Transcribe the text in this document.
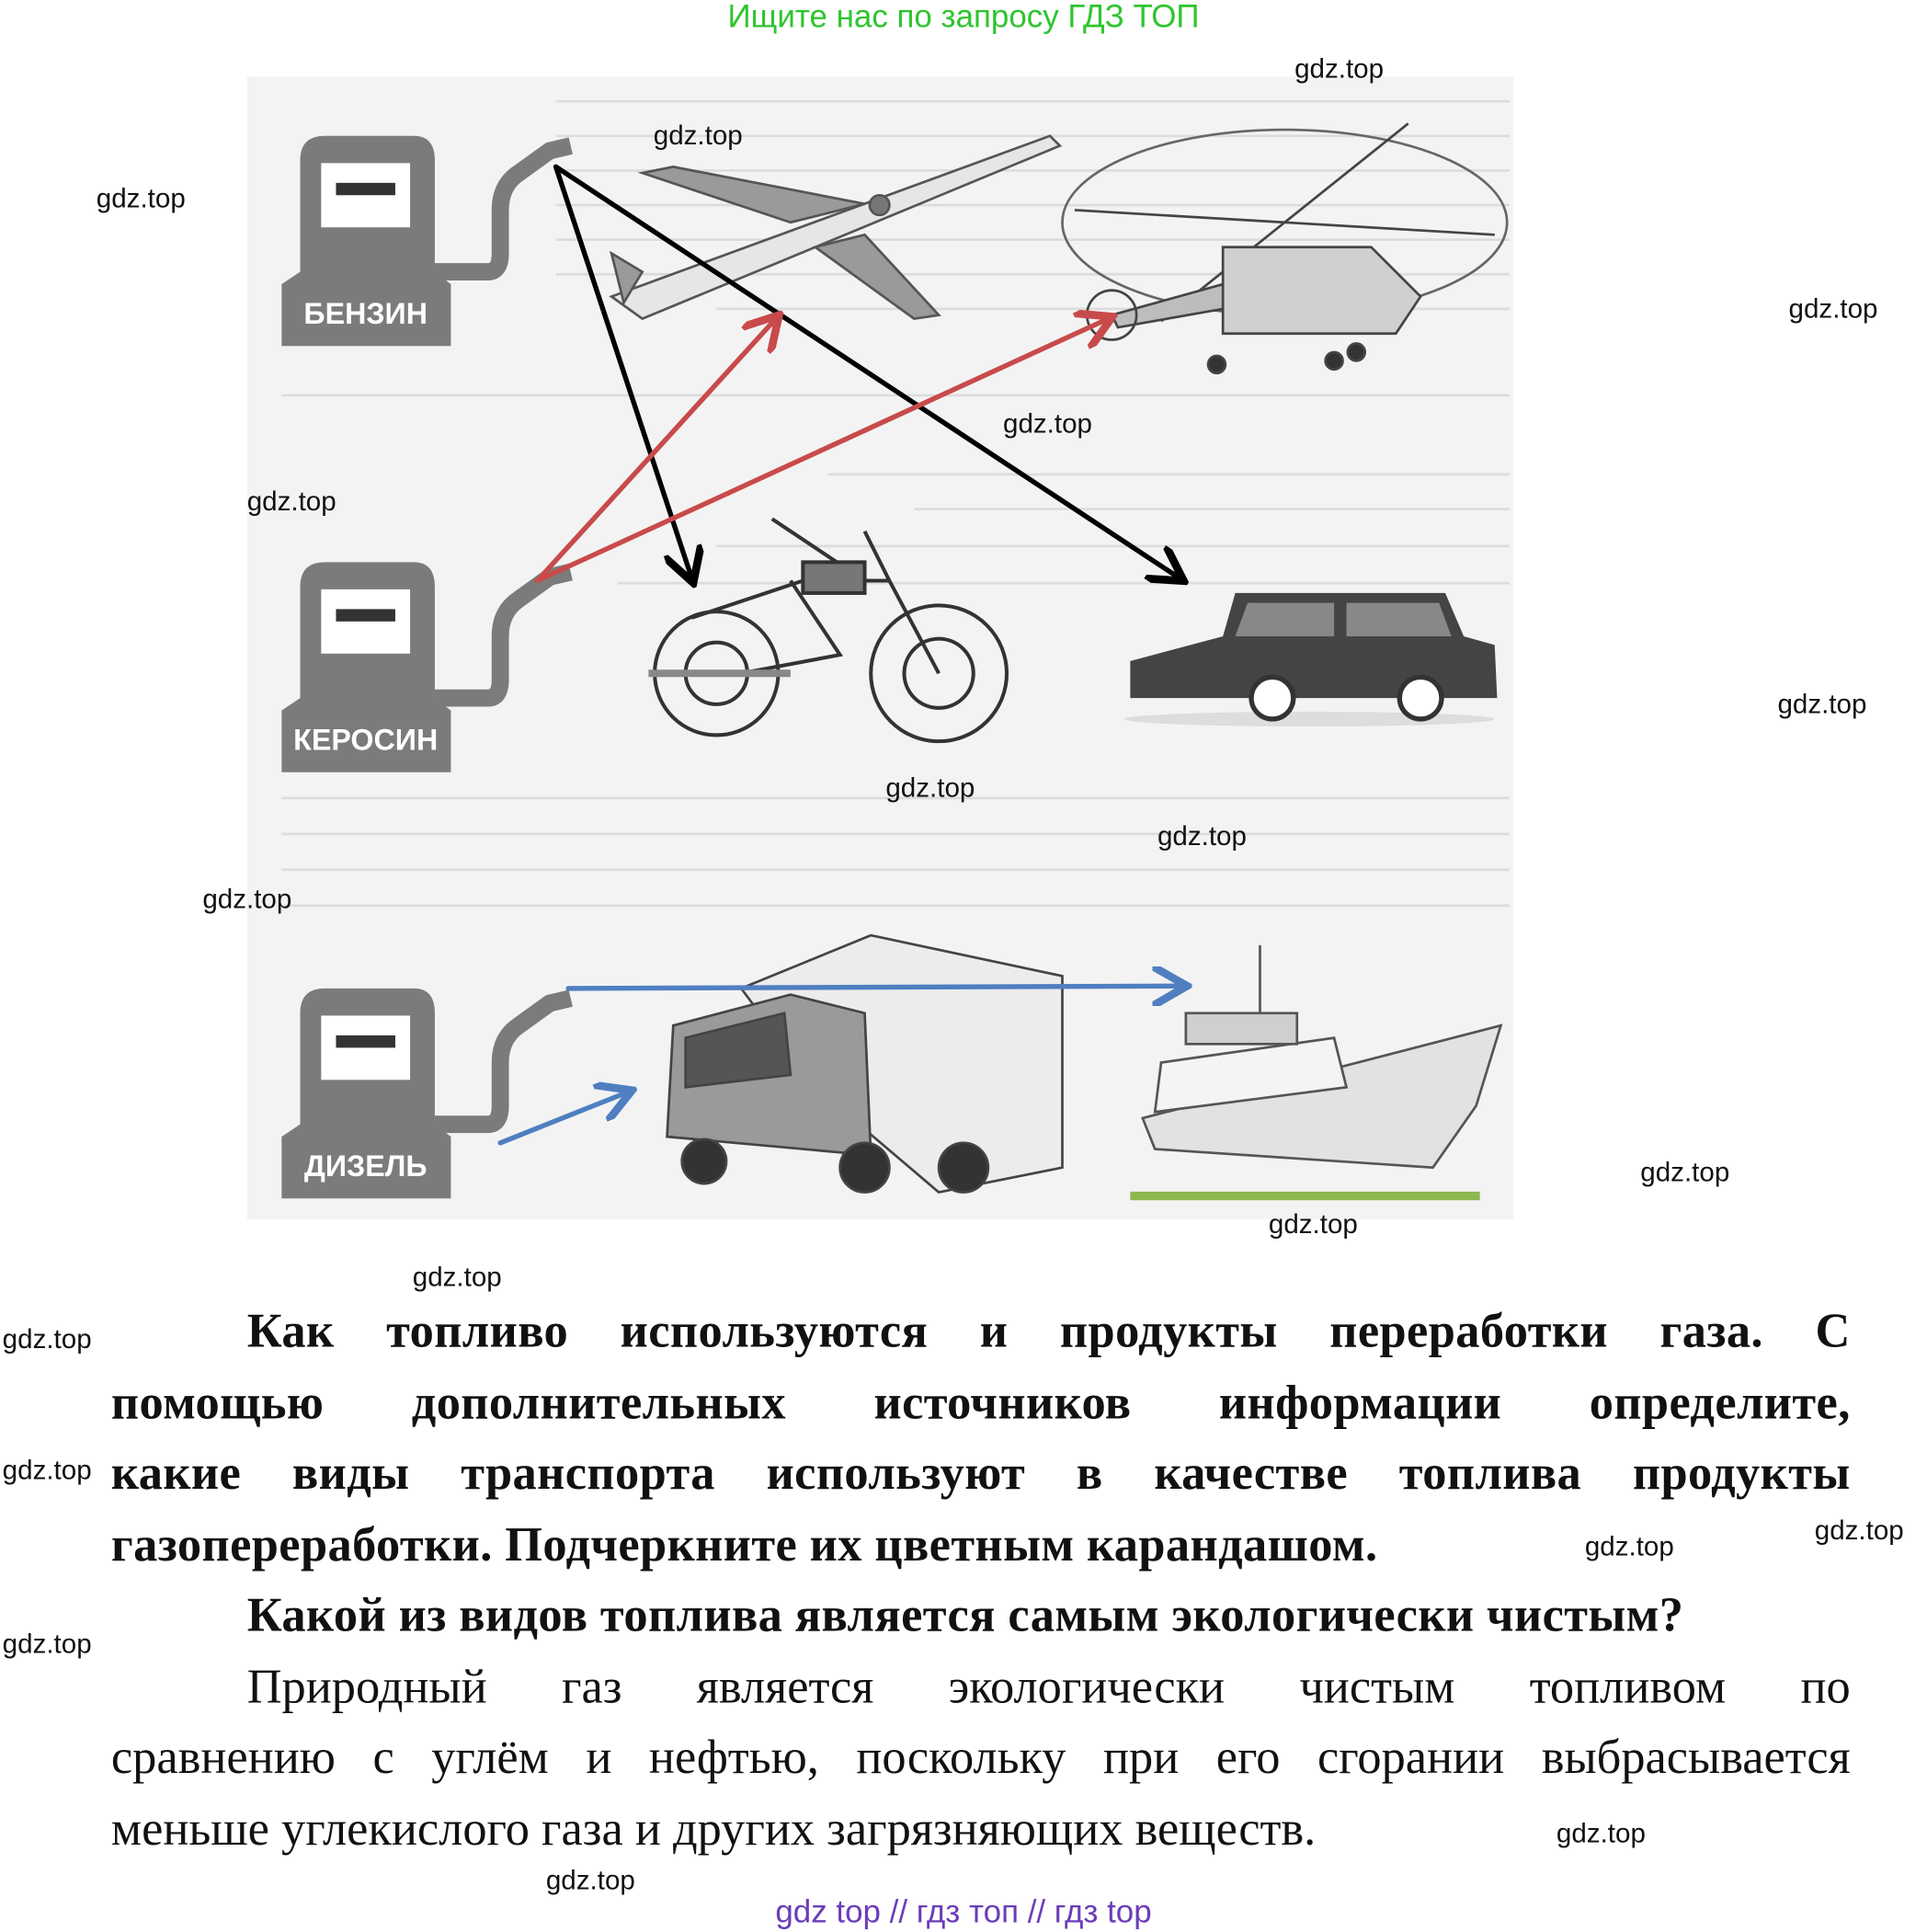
Ищите нас по запросу ГДЗ ТОП
БЕНЗИН
КЕРОСИН
ДИЗЕЛЬ
gdz.top
gdz.top
gdz.top
gdz.top
gdz.top
gdz.top
gdz.top
gdz.top
gdz.top
gdz.top
gdz.top
gdz.top
gdz.top
gdz.top
gdz.top
gdz.top
gdz.top
gdz.top
gdz.top
gdz.top
Как топливо используются и продукты переработки газа. С
помощью дополнительных источников информации определите,
какие виды транспорта используют в качестве топлива продукты
газопереработки. Подчеркните их цветным карандашом.
Какой из видов топлива является самым экологически чистым?
Природный газ является экологически чистым топливом по
сравнению с углём и нефтью, поскольку при его сгорании выбрасывается
меньше углекислого газа и других загрязняющих веществ.
gdz top // гдз топ // гдз top
